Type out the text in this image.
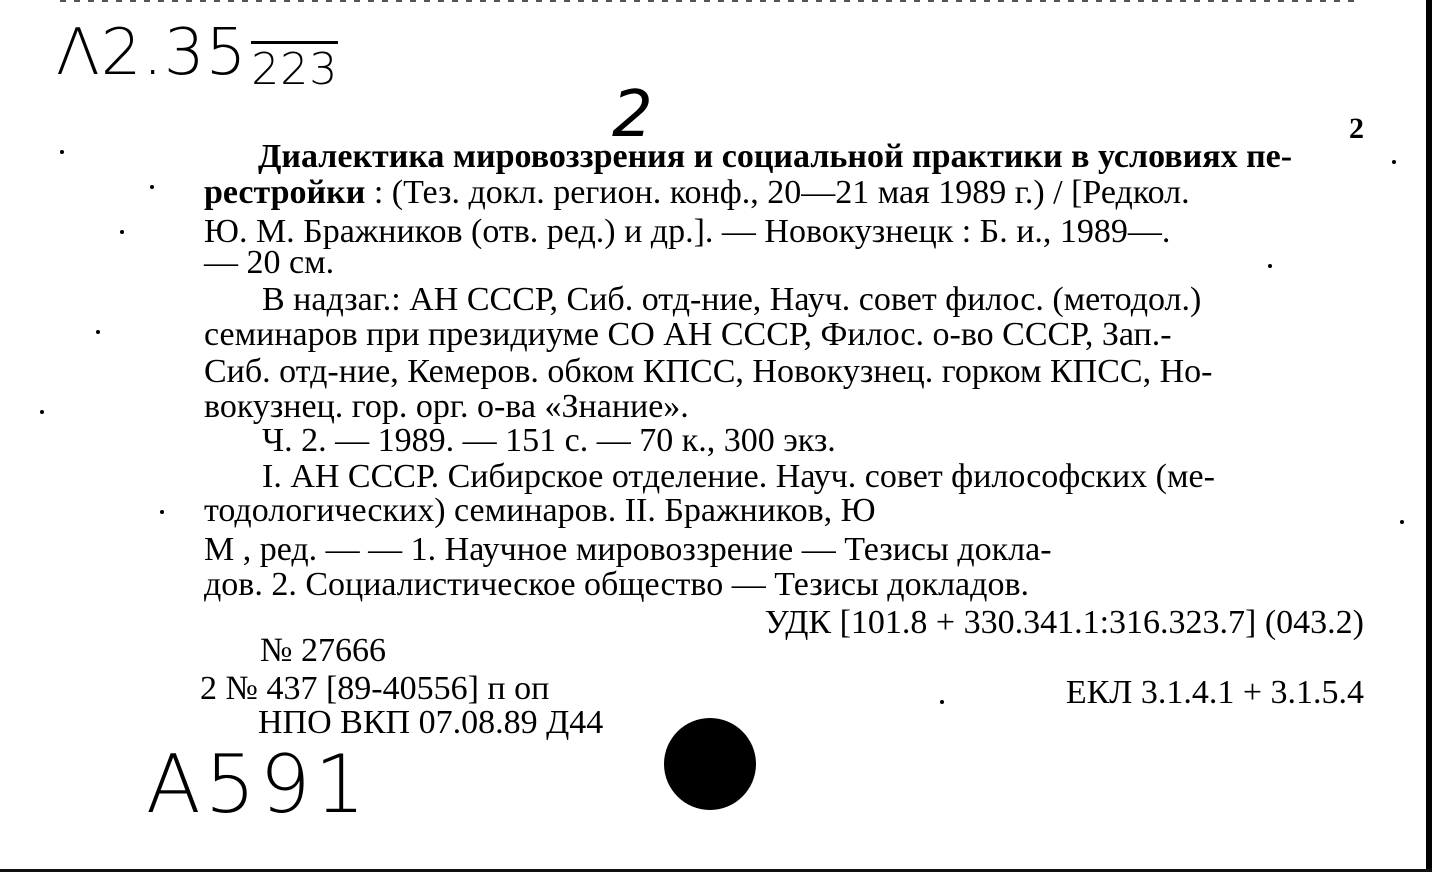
Λ2.35223
2
A591
2
Диалектика мировоззрения и социальной практики в условиях пе-
рестройки : (Тез. докл. регион. конф., 20—21 мая 1989 г.) / [Редкол.
Ю. М. Бражников (отв. ред.) и др.]. — Новокузнецк : Б. и., 1989—.
— 20 см.
В надзаг.: АН СССР, Сиб. отд-ние, Науч. совет филос. (методол.)
семинаров при президиуме СО АН СССР, Филос. о-во СССР, Зап.-
Сиб. отд-ние, Кемеров. обком КПСС, Новокузнец. горком КПСС, Но-
вокузнец. гор. орг. о-ва «Знание».
Ч. 2. — 1989. — 151 с. — 70 к., 300 экз.
I. АН СССР. Сибирское отделение. Науч. совет философских (ме-
тодологических) семинаров. II. Бражников, Ю
М , ред. — — 1. Научное мировоззрение — Тезисы докла-
дов. 2. Социалистическое общество — Тезисы докладов.
УДК [101.8 + 330.341.1:316.323.7] (043.2)
№ 27666
2 № 437 [89-40556] п оп	ЕКЛ 3.1.4.1 + 3.1.5.4
НПО ВКП 07.08.89 Д44
